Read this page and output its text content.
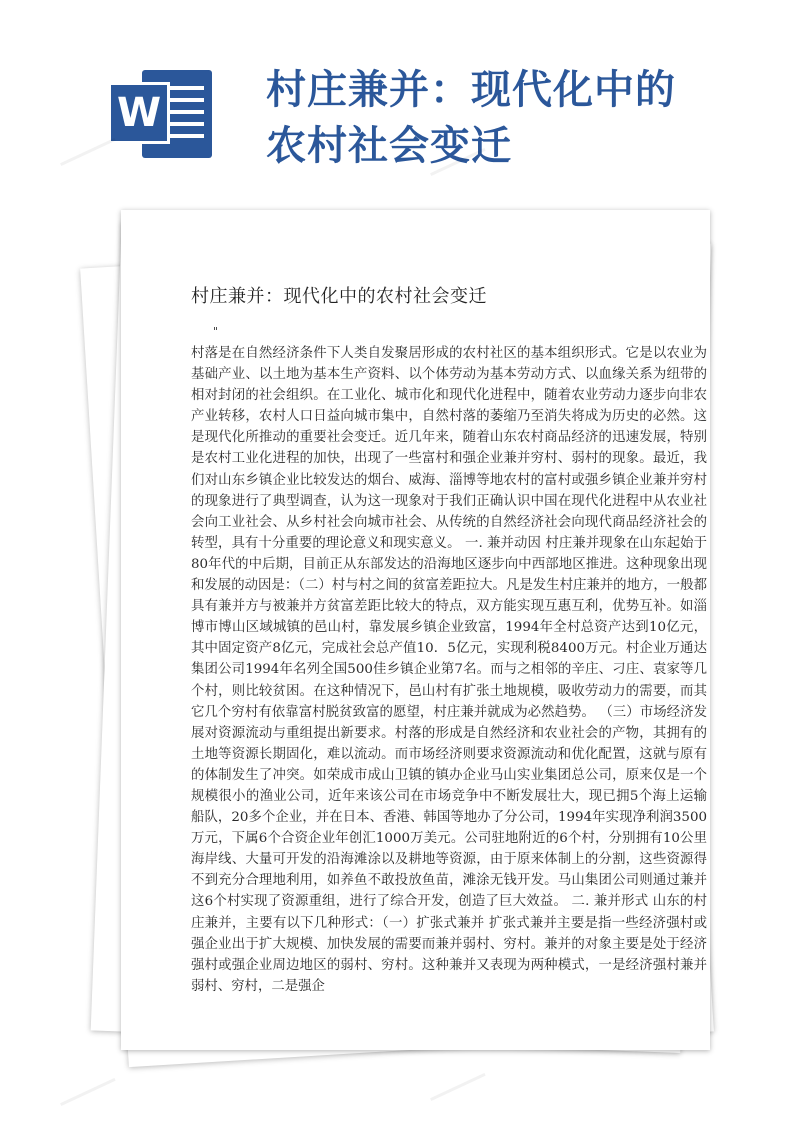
W	村庄兼并：现代化中的
农村社会变迁
村庄兼并：现代化中的农村社会变迁
"

村落是在自然经济条件下人类自发聚居形成的农村社区的基本组织形式。它是以农业为基础产业、以土地为基本生产资料、以个体劳动为基本劳动方式、以血缘关系为纽带的相对封闭的社会组织。在工业化、城市化和现代化进程中，随着农业劳动力逐步向非农产业转移，农村人口日益向城市集中，自然村落的萎缩乃至消失将成为历史的必然。这是现代化所推动的重要社会变迁。近几年来，随着山东农村商品经济的迅速发展，特别是农村工业化进程的加快，出现了一些富村和强企业兼并穷村、弱村的现象。最近，我们对山东乡镇企业比较发达的烟台、威海、淄博等地农村的富村或强乡镇企业兼并穷村的现象进行了典型调查，认为这一现象对于我们正确认识中国在现代化进程中从农业社会向工业社会、从乡村社会向城市社会、从传统的自然经济社会向现代商品经济社会的转型，具有十分重要的理论意义和现实意义。 一. 兼并动因 村庄兼并现象在山东起始于80年代的中后期，目前正从东部发达的沿海地区逐步向中西部地区推进。这种现象出现和发展的动因是：（二）村与村之间的贫富差距拉大。凡是发生村庄兼并的地方，一般都具有兼并方与被兼并方贫富差距比较大的特点，双方能实现互惠互利，优势互补。如淄博市博山区域城镇的邑山村，靠发展乡镇企业致富，1994年全村总资产达到10亿元，其中固定资产8亿元，完成社会总产值10．5亿元，实现利税8400万元。村企业万通达集团公司1994年名列全国500佳乡镇企业第7名。而与之相邻的辛庄、刁庄、袁家等几个村，则比较贫困。在这种情况下，邑山村有扩张土地规模，吸收劳动力的需要，而其它几个穷村有依靠富村脱贫致富的愿望，村庄兼并就成为必然趋势。 （三）市场经济发展对资源流动与重组提出新要求。村落的形成是自然经济和农业社会的产物，其拥有的土地等资源长期固化，难以流动。而市场经济则要求资源流动和优化配置，这就与原有的体制发生了冲突。如荣成市成山卫镇的镇办企业马山实业集团总公司，原来仅是一个规模很小的渔业公司，近年来该公司在市场竞争中不断发展壮大，现已拥5个海上运输船队，20多个企业，并在日本、香港、韩国等地办了分公司，1994年实现净利润3500万元，下属6个合资企业年创汇1000万美元。公司驻地附近的6个村，分别拥有10公里海岸线、大量可开发的沿海滩涂以及耕地等资源，由于原来体制上的分割，这些资源得不到充分合理地利用，如养鱼不敢投放鱼苗，滩涂无钱开发。马山集团公司则通过兼并这6个村实现了资源重组，进行了综合开发，创造了巨大效益。 二. 兼并形式 山东的村庄兼并，主要有以下几种形式：（一）扩张式兼并 扩张式兼并主要是指一些经济强村或强企业出于扩大规模、加快发展的需要而兼并弱村、穷村。兼并的对象主要是处于经济强村或强企业周边地区的弱村、穷村。这种兼并又表现为两种模式，一是经济强村兼并弱村、穷村，二是强企
